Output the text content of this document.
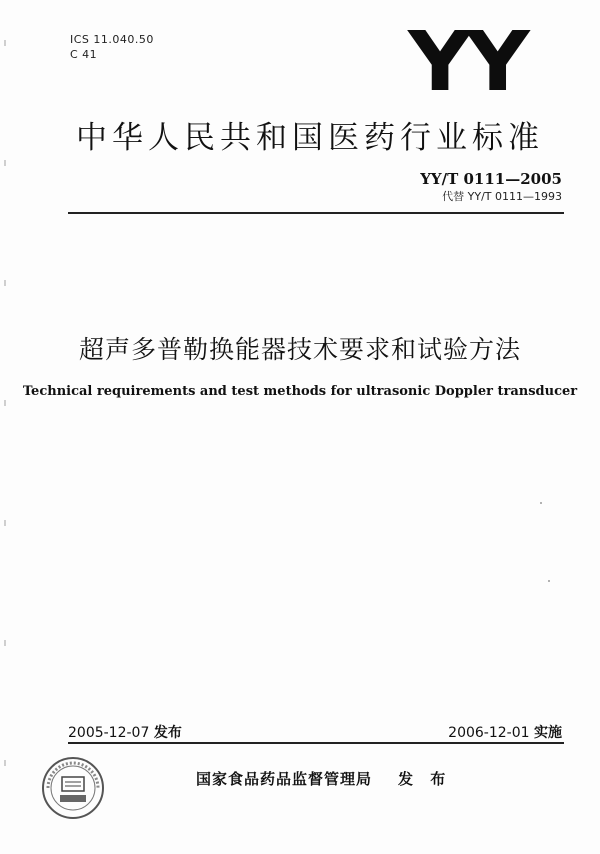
ICS 11.040.50
C 41	YY
中华人民共和国医药行业标准
YY/T 0111—2005
代替 YY/T 0111—1993
超声多普勒换能器技术要求和试验方法
Technical requirements and test methods for ultrasonic Doppler transducer
2005-12-07 发布	2006-12-01 实施
国家食品药品监督管理局 发 布
